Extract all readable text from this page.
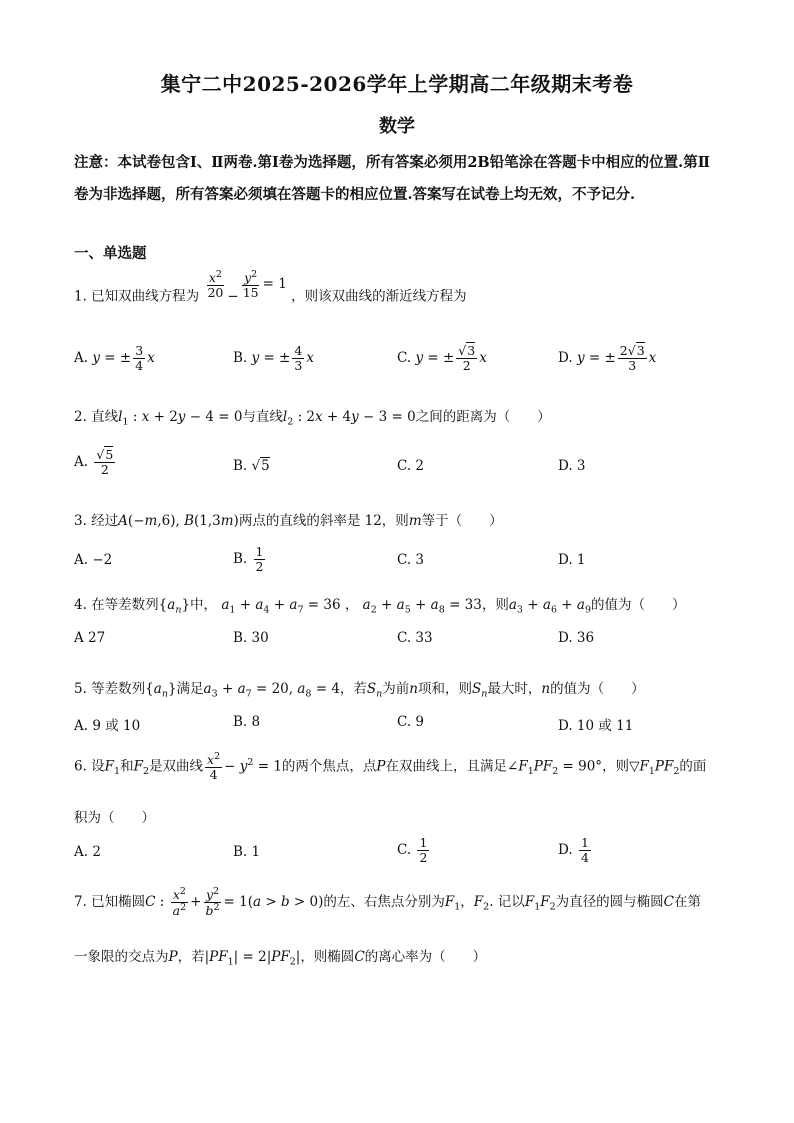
集宁二中2025-2026学年上学期高二年级期末考卷
数学
注意：本试卷包含Ⅰ、Ⅱ两卷.第Ⅰ卷为选择题，所有答案必须用2B铅笔涂在答题卡中相应的位置.第Ⅱ卷为非选择题，所有答案必须填在答题卡的相应位置.答案写在试卷上均无效，不予记分.
一、单选题
1. 已知双曲线方程为 $\frac{x^2}{20} - \frac{y^2}{15} = 1$ ，则该双曲线的渐近线方程为
A. y = ± $\frac{3}{4}$ x	B. y = ± $\frac{4}{3}$ x	C. y = ± $\frac{√3}{2}$ x	D. y = ± $\frac{2√3}{3}$ x
2. 直线$l_1$ : x + 2y − 4 = 0与直线$l_2$ : 2x + 4y − 3 = 0之间的距离为（　　）
A. $\frac{√5}{2}$	B. √5	C. 2	D. 3
3. 经过A(−m,6), B(1,3m)两点的直线的斜率是 12，则m等于（　　）
A. −2	B. $\frac{1}{2}$	C. 3	D. 1
4. 在等差数列$\{a_n\}$中， $a_1 + a_4 + a_7 = 36$ ， $a_2 + a_5 + a_8 = 33$，则$a_3 + a_6 + a_9$的值为（　　）
A 27	B. 30	C. 33	D. 36
5. 等差数列$\{a_n\}$满足$a_3 + a_7 = 20$, $a_8 = 4$，若$S_n$为前n项和，则$S_n$最大时，n的值为（　　）
A. 9 或 10	B. 8	C. 9	D. 10 或 11
6. 设$F_1$和$F_2$是双曲线 $\frac{x^2}{4} - y^2 = 1$的两个焦点，点P在双曲线上，且满足$\angle F_1PF_2 = 90^\circ$，则$▽F_1PF_2$的面
积为（　　）
A. 2	B. 1	C. $\frac{1}{2}$	D. $\frac{1}{4}$
7. 已知椭圆C : $\frac{x^2}{a^2} + \frac{y^2}{b^2} = 1(a > b > 0)$的左、右焦点分别为$F_1$，$F_2$. 记以$F_1F_2$为直径的圆与椭圆C在第
一象限的交点为P，若$|PF_1| = 2|PF_2|$，则椭圆C的离心率为（　　）
